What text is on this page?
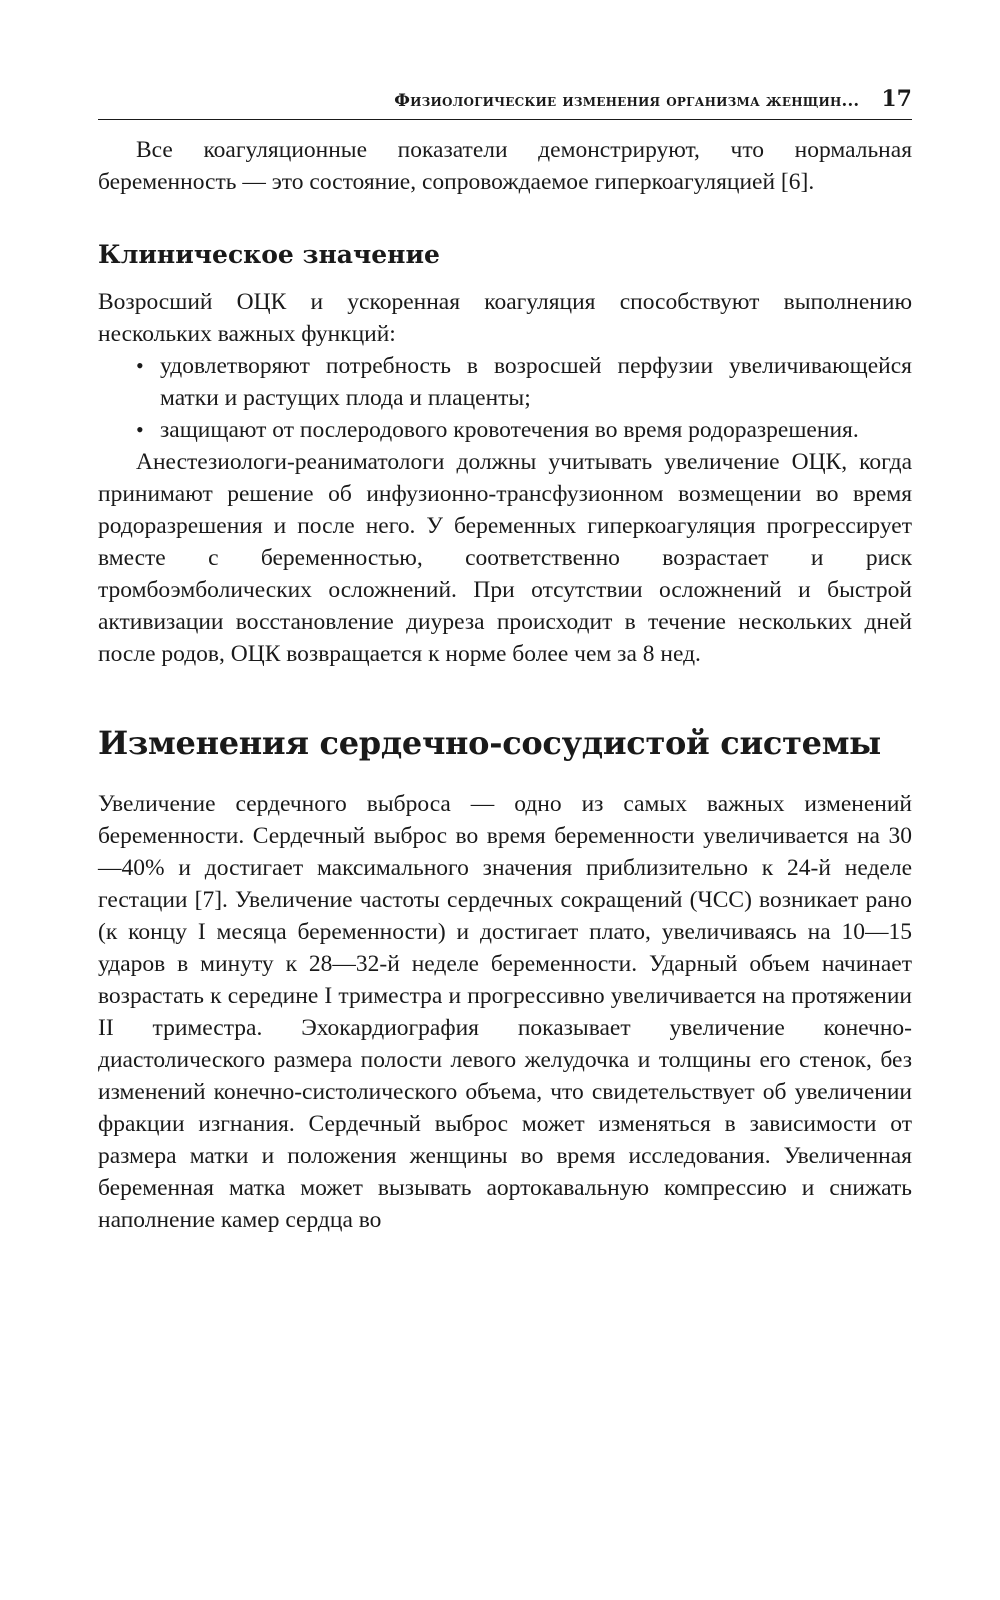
Физиологические изменения организма женщин... 17

Все коагуляционные показатели демонстрируют, что нормальная беременность — это состояние, сопровождаемое гиперкоагуляцией [6].

Клиническое значение

Возросший ОЦК и ускоренная коагуляция способствуют выполнению нескольких важных функций:

• удовлетворяют потребность в возросшей перфузии увеличивающейся матки и растущих плода и плаценты;
• защищают от послеродового кровотечения во время родоразрешения.

Анестезиологи-реаниматологи должны учитывать увеличение ОЦК, когда принимают решение об инфузионно-трансфузионном возмещении во время родоразрешения и после него. У беременных гиперкоагуляция прогрессирует вместе с беременностью, соответственно возрастает и риск тромбоэмболических осложнений. При отсутствии осложнений и быстрой активизации восстановление диуреза происходит в течение нескольких дней после родов, ОЦК возвращается к норме более чем за 8 нед.

Изменения сердечно-сосудистой системы

Увеличение сердечного выброса — одно из самых важных изменений беременности. Сердечный выброс во время беременности увеличивается на 30—40% и достигает максимального значения приблизительно к 24-й неделе гестации [7]. Увеличение частоты сердечных сокращений (ЧСС) возникает рано (к концу I месяца беременности) и достигает плато, увеличиваясь на 10—15 ударов в минуту к 28—32-й неделе беременности. Ударный объем начинает возрастать к середине I триместра и прогрессивно увеличивается на протяжении II триместра. Эхокардиография показывает увеличение конечно-диастолического размера полости левого желудочка и толщины его стенок, без изменений конечно-систолического объема, что свидетельствует об увеличении фракции изгнания. Сердечный выброс может изменяться в зависимости от размера матки и положения женщины во время исследования. Увеличенная беременная матка может вызывать аортокавальную компрессию и снижать наполнение камер сердца во
